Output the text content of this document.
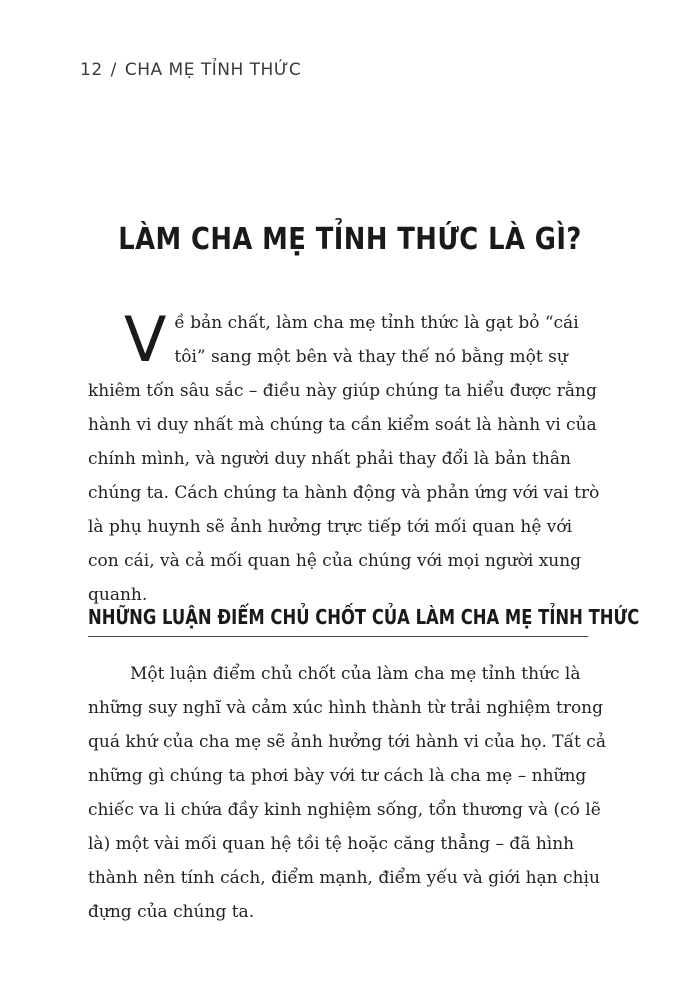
12 / CHA MẸ TỈNH THỨC
LÀM CHA MẸ TỈNH THỨC LÀ GÌ?
Về bản chất, làm cha mẹ tỉnh thức là gạt bỏ “cái tôi” sang một bên và thay thế nó bằng một sự khiêm tốn sâu sắc – điều này giúp chúng ta hiểu được rằng hành vi duy nhất mà chúng ta cần kiểm soát là hành vi của chính mình, và người duy nhất phải thay đổi là bản thân chúng ta. Cách chúng ta hành động và phản ứng với vai trò là phụ huynh sẽ ảnh hưởng trực tiếp tới mối quan hệ với con cái, và cả mối quan hệ của chúng với mọi người xung quanh.
NHỮNG LUẬN ĐIỂM CHỦ CHỐT CỦA LÀM CHA MẸ TỈNH THỨC
Một luận điểm chủ chốt của làm cha mẹ tỉnh thức là những suy nghĩ và cảm xúc hình thành từ trải nghiệm trong quá khứ của cha mẹ sẽ ảnh hưởng tới hành vi của họ. Tất cả những gì chúng ta phơi bày với tư cách là cha mẹ – những chiếc va li chứa đầy kinh nghiệm sống, tổn thương và (có lẽ là) một vài mối quan hệ tồi tệ hoặc căng thẳng – đã hình thành nên tính cách, điểm mạnh, điểm yếu và giới hạn chịu đựng của chúng ta.
